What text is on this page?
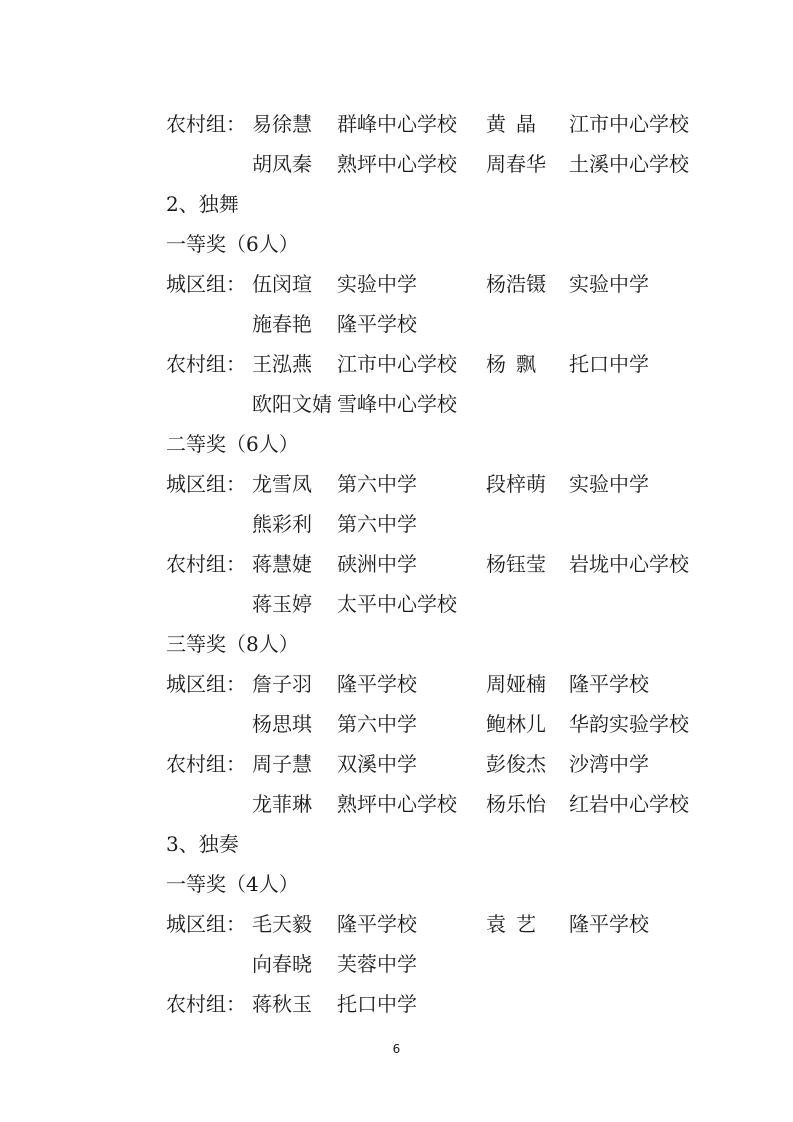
农村组： 易徐慧 群峰中心学校 黄晶 江市中心学校
胡凤秦 熟坪中心学校 周春华 土溪中心学校
2、独舞
一等奖（6人）
城区组： 伍闵瑄 实验中学	杨浩镊 实验中学
施春艳 隆平学校
农村组： 王泓燕 江市中心学校 杨飘 托口中学
欧阳文婧 雪峰中心学校
二等奖（6人）
城区组： 龙雪凤 第六中学	段梓萌 实验中学
熊彩利 第六中学
农村组： 蒋慧婕 硖洲中学	杨钰莹 岩垅中心学校
蒋玉婷 太平中心学校
三等奖（8人）
城区组： 詹子羽 隆平学校	周娅楠 隆平学校
杨思琪 第六中学	鲍林儿 华韵实验学校
农村组： 周子慧 双溪中学	彭俊杰 沙湾中学
龙菲琳 熟坪中心学校 杨乐怡 红岩中心学校
3、独奏
一等奖（4人）
城区组： 毛天毅 隆平学校	袁艺 隆平学校
向春晓 芙蓉中学
农村组： 蒋秋玉 托口中学
6
